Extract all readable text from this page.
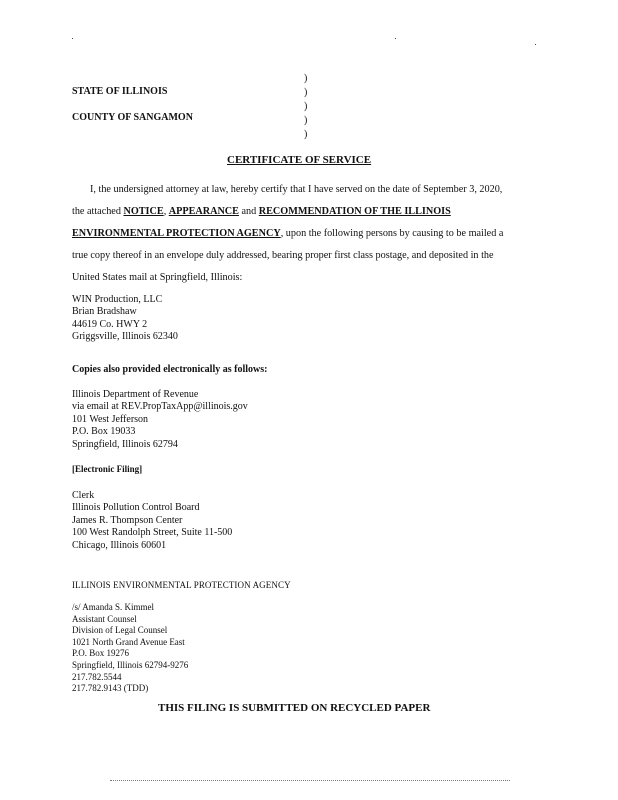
STATE OF ILLINOIS
COUNTY OF SANGAMON
)
)
)
)
)
CERTIFICATE OF SERVICE
I, the undersigned attorney at law, hereby certify that I have served on the date of September 3, 2020,
the attached NOTICE, APPEARANCE and RECOMMENDATION OF THE ILLINOIS
ENVIRONMENTAL PROTECTION AGENCY, upon the following persons by causing to be mailed a
true copy thereof in an envelope duly addressed, bearing proper first class postage, and deposited in the
United States mail at Springfield, Illinois:
WIN Production, LLC
Brian Bradshaw
44619 Co. HWY 2
Griggsville, Illinois 62340
Copies also provided electronically as follows:
Illinois Department of Revenue
via email at REV.PropTaxApp@illinois.gov
101 West Jefferson
P.O. Box 19033
Springfield, Illinois 62794
[Electronic Filing]
Clerk
Illinois Pollution Control Board
James R. Thompson Center
100 West Randolph Street, Suite 11-500
Chicago, Illinois 60601
ILLINOIS ENVIRONMENTAL PROTECTION AGENCY
/s/ Amanda S. Kimmel
Assistant Counsel
Division of Legal Counsel
1021 North Grand Avenue East
P.O. Box 19276
Springfield, Illinois 62794-9276
217.782.5544
217.782.9143 (TDD)
THIS FILING IS SUBMITTED ON RECYCLED PAPER
